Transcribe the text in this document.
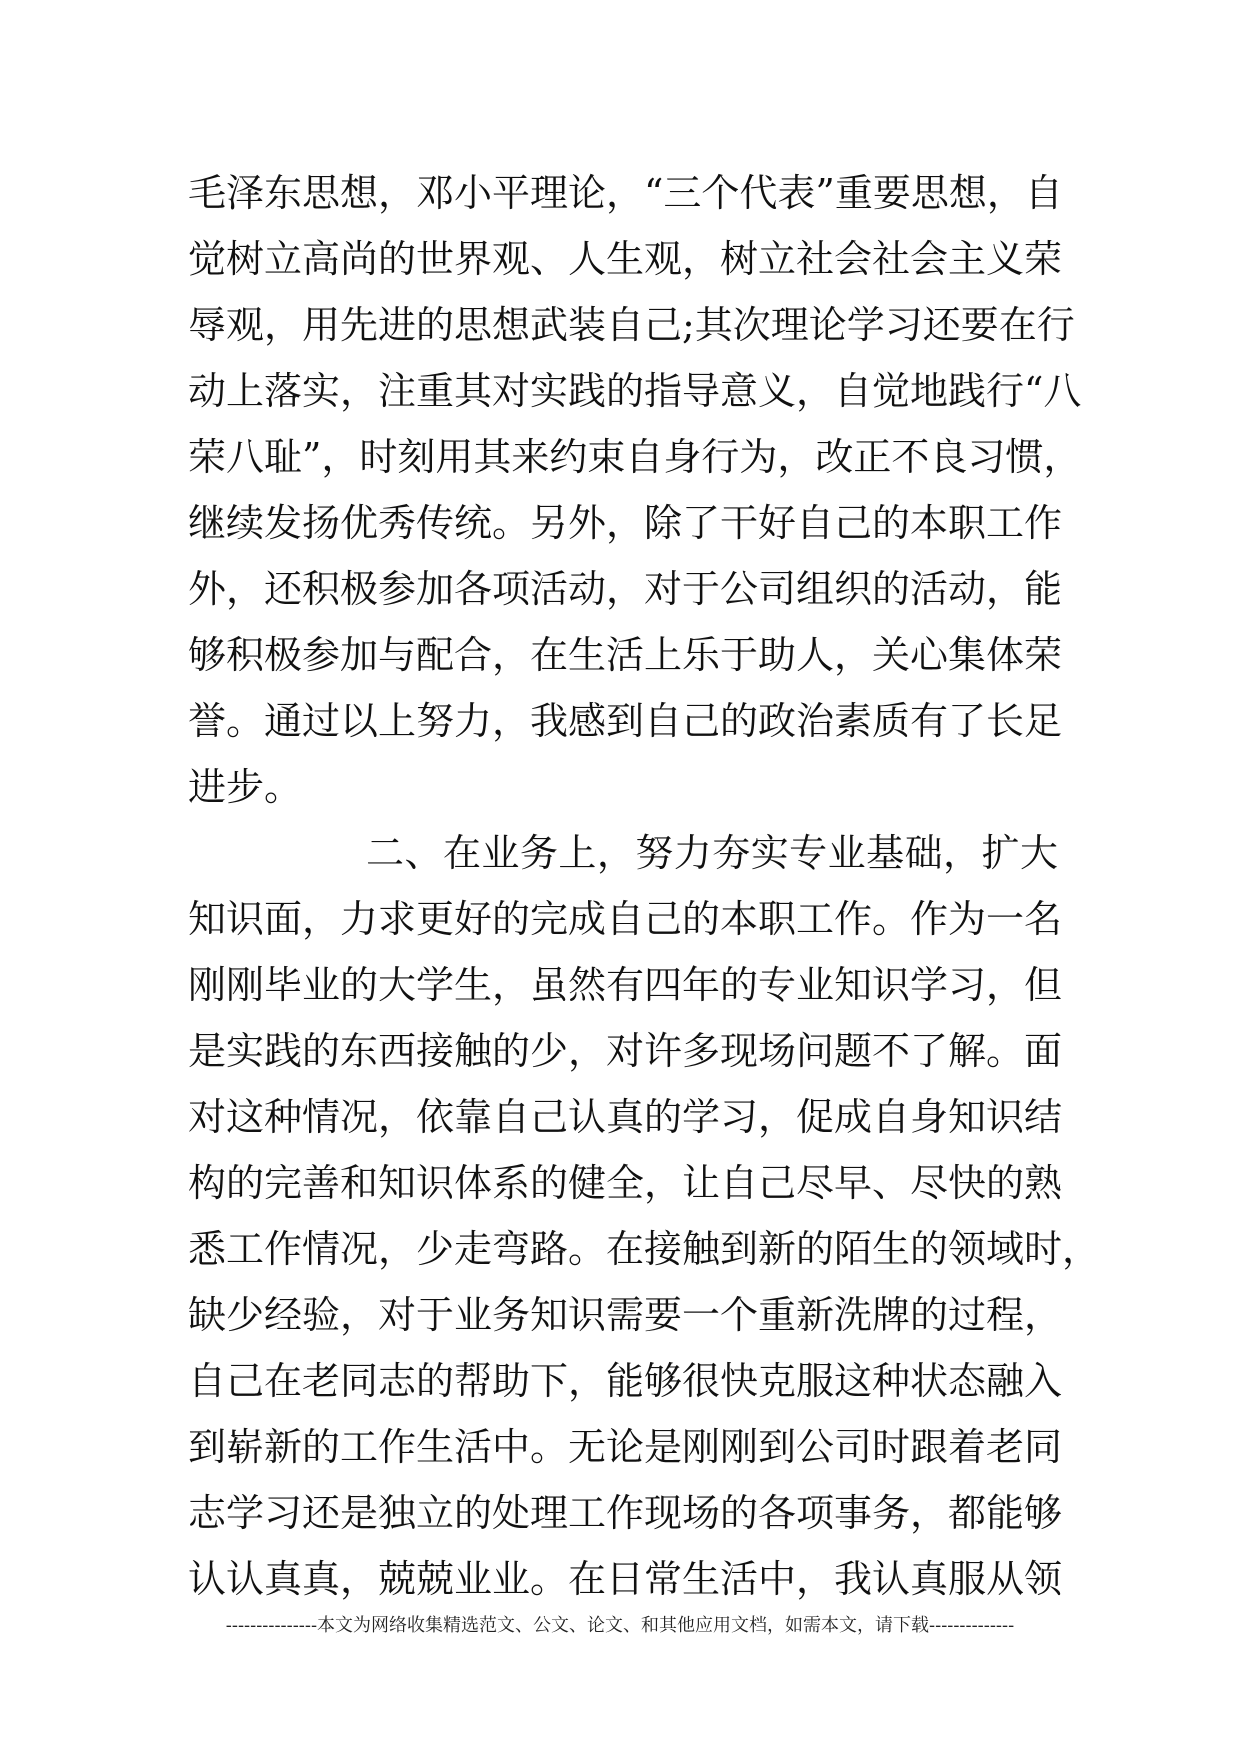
毛泽东思想，邓小平理论，“三个代表”重要思想，自
觉树立高尚的世界观、人生观，树立社会社会主义荣
辱观，用先进的思想武装自己;其次理论学习还要在行
动上落实，注重其对实践的指导意义，自觉地践行“八
荣八耻”，时刻用其来约束自身行为，改正不良习惯，
继续发扬优秀传统。另外，除了干好自己的本职工作
外，还积极参加各项活动，对于公司组织的活动，能
够积极参加与配合，在生活上乐于助人，关心集体荣
誉。通过以上努力，我感到自己的政治素质有了长足
进步。
二、在业务上，努力夯实专业基础，扩大
知识面，力求更好的完成自己的本职工作。作为一名
刚刚毕业的大学生，虽然有四年的专业知识学习，但
是实践的东西接触的少，对许多现场问题不了解。面
对这种情况，依靠自己认真的学习，促成自身知识结
构的完善和知识体系的健全，让自己尽早、尽快的熟
悉工作情况，少走弯路。在接触到新的陌生的领域时，
缺少经验，对于业务知识需要一个重新洗牌的过程，
自己在老同志的帮助下，能够很快克服这种状态融入
到崭新的工作生活中。无论是刚刚到公司时跟着老同
志学习还是独立的处理工作现场的各项事务，都能够
认认真真，兢兢业业。在日常生活中，我认真服从领
---------------本文为网络收集精选范文、公文、论文、和其他应用文档，如需本文，请下载--------------
